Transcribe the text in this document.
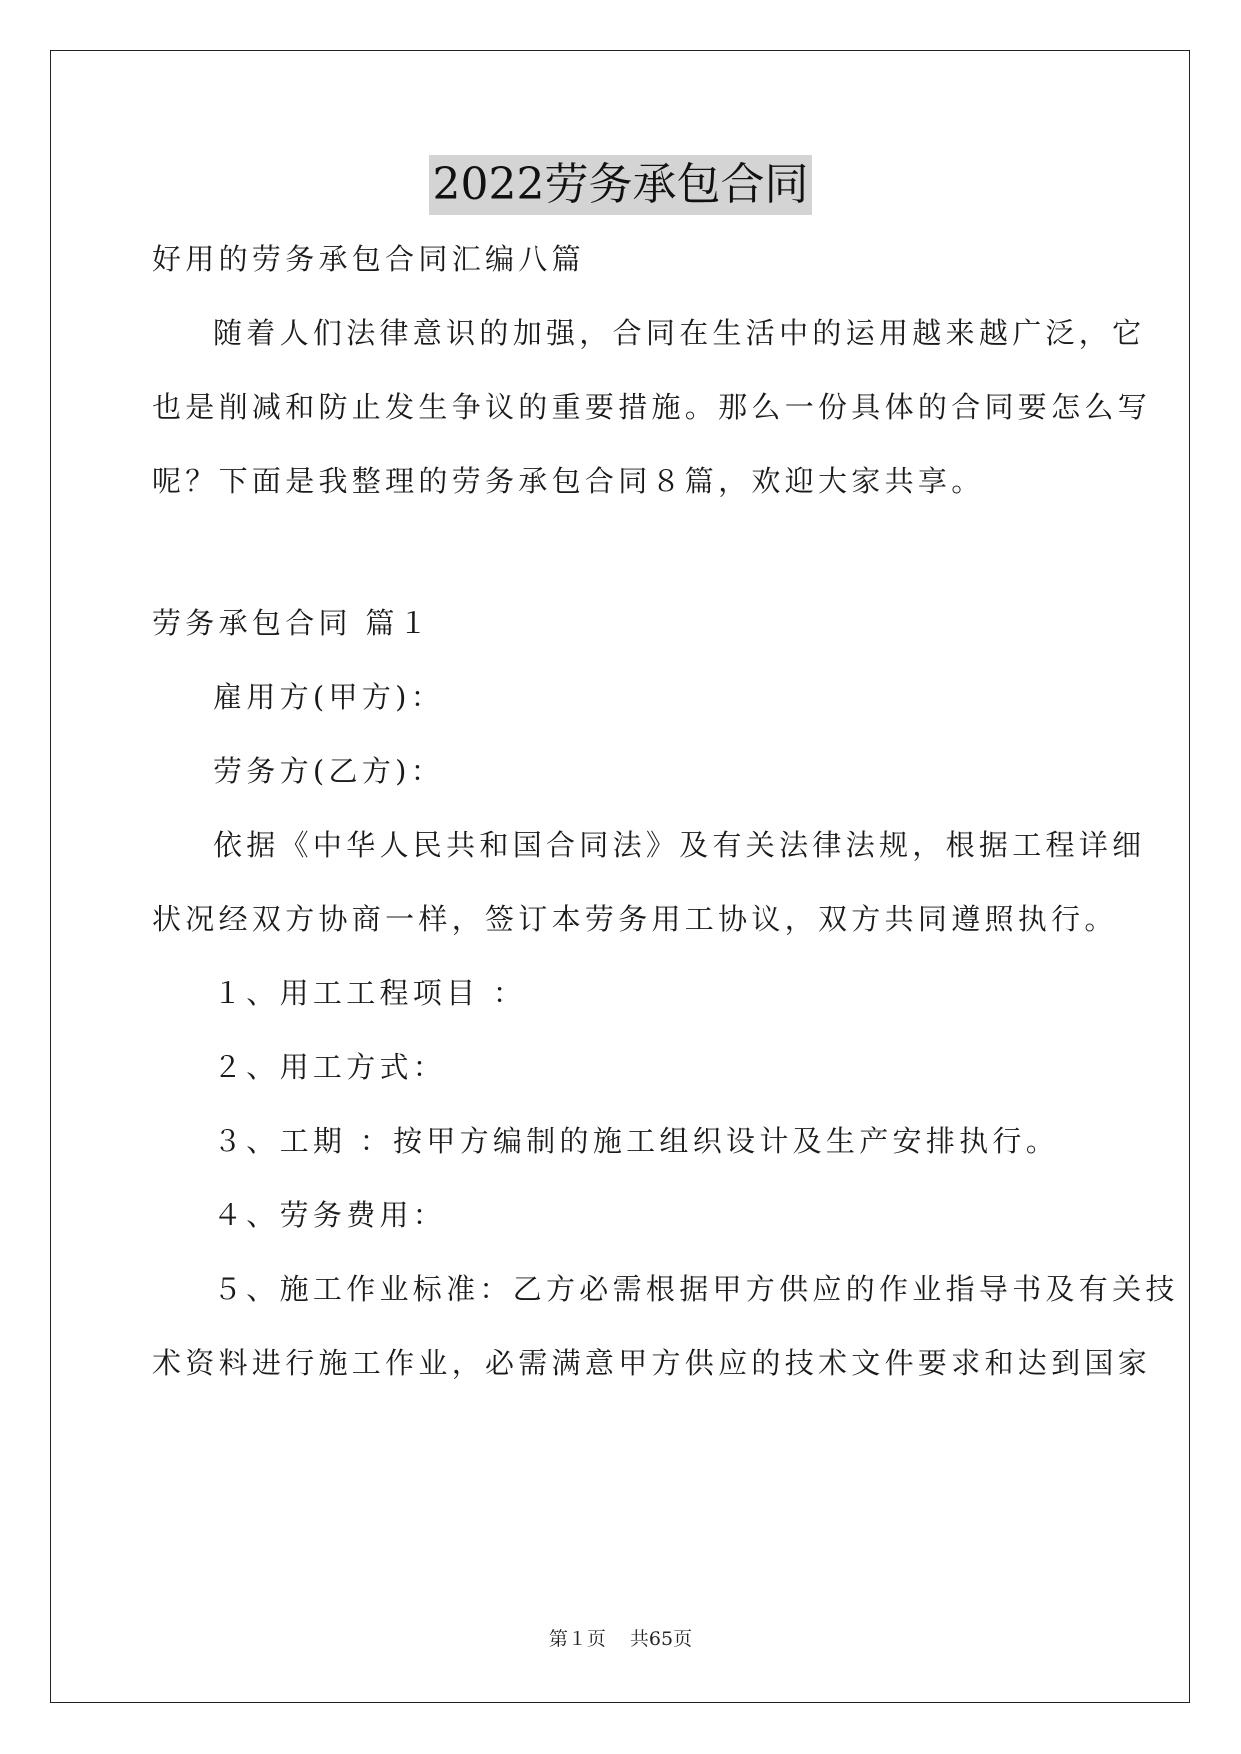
2022劳务承包合同
好用的劳务承包合同汇编八篇
随着人们法律意识的加强，合同在生活中的运用越来越广泛，它
也是削减和防止发生争议的重要措施。那么一份具体的合同要怎么写
呢？下面是我整理的劳务承包合同８篇，欢迎大家共享。
劳务承包合同 篇１
雇用方(甲方)：
劳务方(乙方)：
依据《中华人民共和国合同法》及有关法律法规，根据工程详细
状况经双方协商一样，签订本劳务用工协议，双方共同遵照执行。
１、用工工程项目 ：
２、用工方式：
３、工期 ：按甲方编制的施工组织设计及生产安排执行。
４、劳务费用：
５、施工作业标准：乙方必需根据甲方供应的作业指导书及有关技
术资料进行施工作业，必需满意甲方供应的技术文件要求和达到国家
第１页 共65页
